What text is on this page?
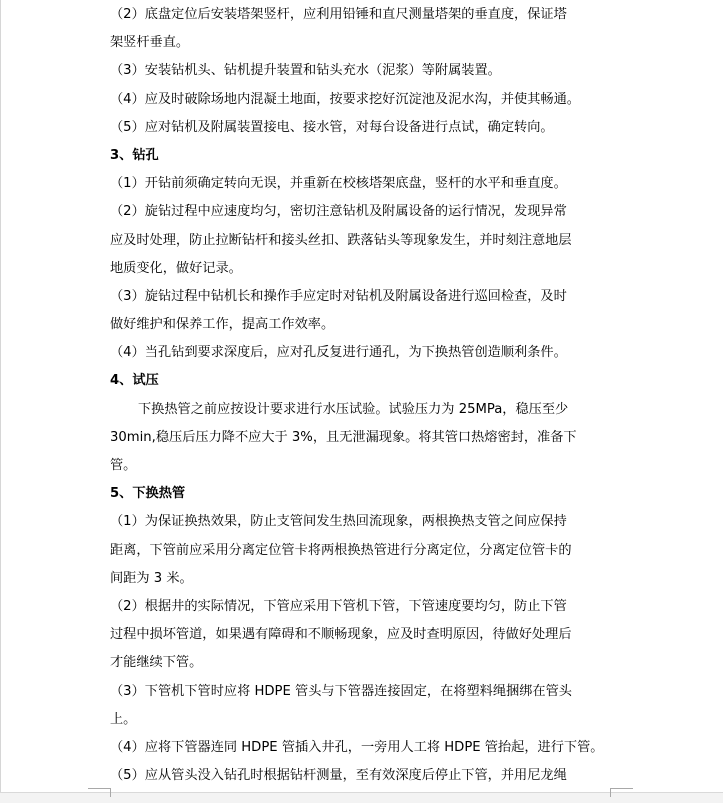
（2）底盘定位后安装塔架竖杆，应利用铅锤和直尺测量塔架的垂直度，保证塔
架竖杆垂直。
（3）安装钻机头、钻机提升装置和钻头充水（泥浆）等附属装置。
（4）应及时破除场地内混凝土地面，按要求挖好沉淀池及泥水沟，并使其畅通。
（5）应对钻机及附属装置接电、接水管，对每台设备进行点试，确定转向。
3、钻孔
（1）开钻前须确定转向无误，并重新在校核塔架底盘，竖杆的水平和垂直度。
（2）旋钻过程中应速度均匀，密切注意钻机及附属设备的运行情况，发现异常
应及时处理，防止拉断钻杆和接头丝扣、跌落钻头等现象发生，并时刻注意地层
地质变化，做好记录。
（3）旋钻过程中钻机长和操作手应定时对钻机及附属设备进行巡回检查，及时
做好维护和保养工作，提高工作效率。
（4）当孔钻到要求深度后，应对孔反复进行通孔，为下换热管创造顺利条件。
4、试压
下换热管之前应按设计要求进行水压试验。试验压力为 25MPa，稳压至少
30min,稳压后压力降不应大于 3%，且无泄漏现象。将其管口热熔密封，准备下
管。
5、下换热管
（1）为保证换热效果，防止支管间发生热回流现象，两根换热支管之间应保持
距离，下管前应采用分离定位管卡将两根换热管进行分离定位，分离定位管卡的
间距为 3 米。
（2）根据井的实际情况，下管应采用下管机下管，下管速度要均匀，防止下管
过程中损坏管道，如果遇有障碍和不顺畅现象，应及时查明原因，待做好处理后
才能继续下管。
（3）下管机下管时应将 HDPE 管头与下管器连接固定，在将塑料绳捆绑在管头
上。
（4）应将下管器连同 HDPE 管插入井孔，一旁用人工将 HDPE 管抬起，进行下管。
（5）应从管头没入钻孔时根据钻杆测量，至有效深度后停止下管，并用尼龙绳
